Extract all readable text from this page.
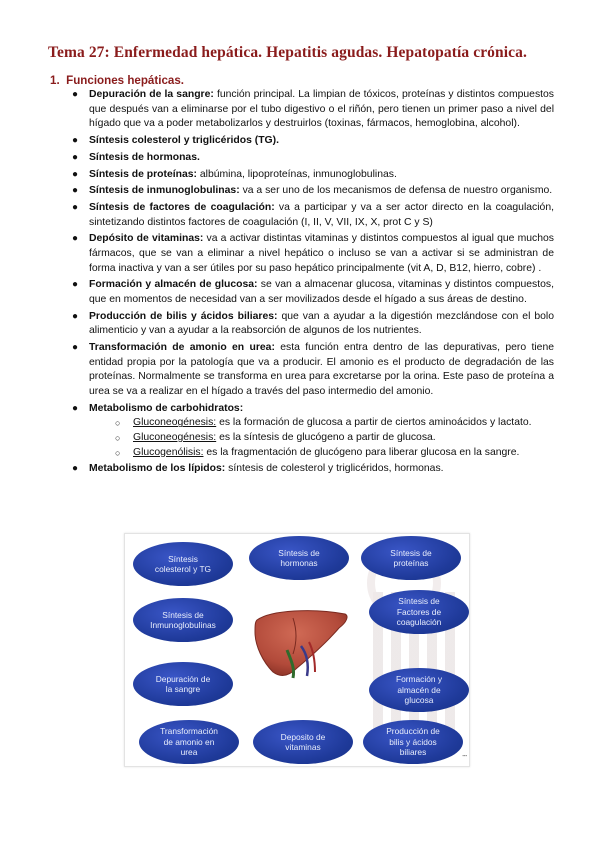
Tema 27: Enfermedad hepática. Hepatitis agudas. Hepatopatía crónica.
1. Funciones hepáticas.
● Depuración de la sangre: función principal. La limpian de tóxicos, proteínas y distintos compuestos que después van a eliminarse por el tubo digestivo o el riñón, pero tienen un primer paso a nivel del hígado que va a poder metabolizarlos y destruirlos (toxinas, fármacos, hemoglobina, alcohol).
● Síntesis colesterol y triglicéridos (TG).
● Síntesis de hormonas.
● Síntesis de proteínas: albúmina, lipoproteínas, inmunoglobulinas.
● Síntesis de inmunoglobulinas: va a ser uno de los mecanismos de defensa de nuestro organismo.
● Síntesis de factores de coagulación: va a participar y va a ser actor directo en la coagulación, sintetizando distintos factores de coagulación (I, II, V, VII, IX, X, prot C y S)
● Depósito de vitaminas: va a activar distintas vitaminas y distintos compuestos al igual que muchos fármacos, que se van a eliminar a nivel hepático o incluso se van a activar si se administran de forma inactiva y van a ser útiles por su paso hepático principalmente (vit A, D, B12, hierro, cobre) .
● Formación y almacén de glucosa: se van a almacenar glucosa, vitaminas y distintos compuestos, que en momentos de necesidad van a ser movilizados desde el hígado a sus áreas de destino.
● Producción de bilis y ácidos biliares: que van a ayudar a la digestión mezclándose con el bolo alimenticio y van a ayudar a la reabsorción de algunos de los nutrientes.
● Transformación de amonio en urea: esta función entra dentro de las depurativas, pero tiene entidad propia por la patología que va a producir. El amonio es el producto de degradación de las proteínas. Normalmente se transforma en urea para excretarse por la orina. Este paso de proteína a urea se va a realizar en el hígado a través del paso intermedio del amonio.
● Metabolismo de carbohidratos:
○ Gluconeogénesis: es la formación de glucosa a partir de ciertos aminoácidos y lactato.
○ Gluconeogénesis: es la síntesis de glucógeno a partir de glucosa.
○ Glucogenólisis: es la fragmentación de glucógeno para liberar glucosa en la sangre.
● Metabolismo de los lípidos: síntesis de colesterol y triglicéridos, hormonas.
Síntesis
colesterol y TG
Síntesis de
hormonas
Síntesis de
proteínas
Síntesis de
Inmunoglobulinas
Síntesis de
Factores de
coagulación
Depuración de
la sangre
Formación y
almacén de
glucosa
Transformación
de amonio en
urea
Deposito de
vitaminas
Producción de
bilis y ácidos
biliares	▪▪▪
